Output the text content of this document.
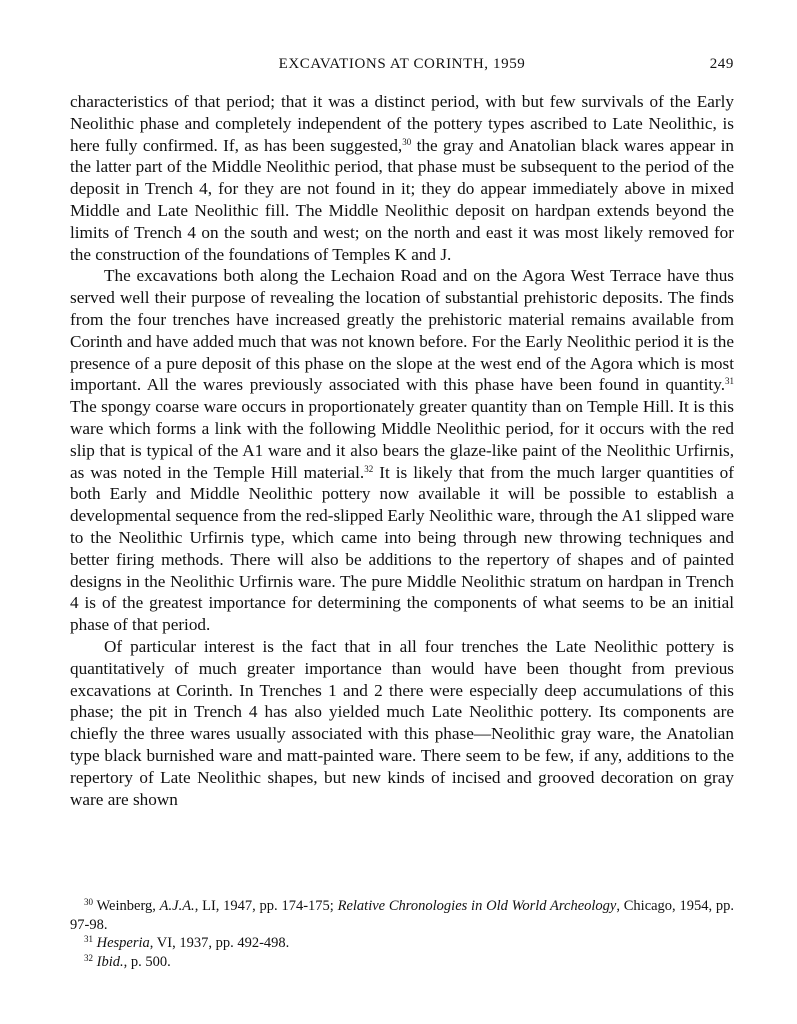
EXCAVATIONS AT CORINTH, 1959	249

characteristics of that period; that it was a distinct period, with but few survivals of the Early Neolithic phase and completely independent of the pottery types ascribed to Late Neolithic, is here fully confirmed. If, as has been suggested,$^{30}$ the gray and Anatolian black wares appear in the latter part of the Middle Neolithic period, that phase must be subsequent to the period of the deposit in Trench 4, for they are not found in it; they do appear immediately above in mixed Middle and Late Neolithic fill. The Middle Neolithic deposit on hardpan extends beyond the limits of Trench 4 on the south and west; on the north and east it was most likely removed for the construction of the foundations of Temples K and J.

The excavations both along the Lechaion Road and on the Agora West Terrace have thus served well their purpose of revealing the location of substantial prehistoric deposits. The finds from the four trenches have increased greatly the prehistoric material remains available from Corinth and have added much that was not known before. For the Early Neolithic period it is the presence of a pure deposit of this phase on the slope at the west end of the Agora which is most important. All the wares previously associated with this phase have been found in quantity.$^{31}$ The spongy coarse ware occurs in proportionately greater quantity than on Temple Hill. It is this ware which forms a link with the following Middle Neolithic period, for it occurs with the red slip that is typical of the A1 ware and it also bears the glaze-like paint of the Neolithic Urfirnis, as was noted in the Temple Hill material.$^{32}$ It is likely that from the much larger quantities of both Early and Middle Neolithic pottery now available it will be possible to establish a developmental sequence from the red-slipped Early Neolithic ware, through the A1 slipped ware to the Neolithic Urfirnis type, which came into being through new throwing techniques and better firing methods. There will also be additions to the repertory of shapes and of painted designs in the Neolithic Urfirnis ware. The pure Middle Neolithic stratum on hardpan in Trench 4 is of the greatest importance for determining the components of what seems to be an initial phase of that period.

Of particular interest is the fact that in all four trenches the Late Neolithic pottery is quantitatively of much greater importance than would have been thought from previous excavations at Corinth. In Trenches 1 and 2 there were especially deep accumulations of this phase; the pit in Trench 4 has also yielded much Late Neolithic pottery. Its components are chiefly the three wares usually associated with this phase—Neolithic gray ware, the Anatolian type black burnished ware and matt-painted ware. There seem to be few, if any, additions to the repertory of Late Neolithic shapes, but new kinds of incised and grooved decoration on gray ware are shown

$^{30}$ Weinberg, A.J.A., LI, 1947, pp. 174-175; Relative Chronologies in Old World Archeology, Chicago, 1954, pp. 97-98.
$^{31}$ Hesperia, VI, 1937, pp. 492-498.
$^{32}$ Ibid., p. 500.
